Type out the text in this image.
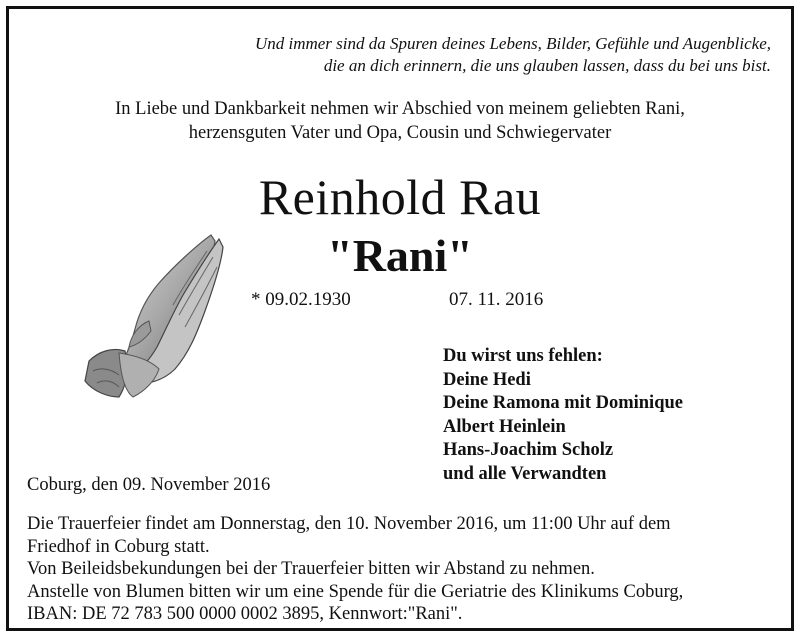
Und immer sind da Spuren deines Lebens, Bilder, Gefühle und Augenblicke,
die an dich erinnern, die uns glauben lassen, dass du bei uns bist.
In Liebe und Dankbarkeit nehmen wir Abschied von meinem geliebten Rani,
herzensguten Vater und Opa, Cousin und Schwiegervater
Reinhold Rau
"Rani"
* 09.02.1930	07. 11. 2016
Du wirst uns fehlen:
Deine Hedi
Deine Ramona mit Dominique
Albert Heinlein
Hans-Joachim Scholz
und alle Verwandten
Coburg, den 09. November 2016
Die Trauerfeier findet am Donnerstag, den 10. November 2016, um 11:00 Uhr auf dem
Friedhof in Coburg statt.
Von Beileidsbekundungen bei der Trauerfeier bitten wir Abstand zu nehmen.
Anstelle von Blumen bitten wir um eine Spende für die Geriatrie des Klinikums Coburg,
IBAN: DE 72 783 500 0000 0002 3895, Kennwort:"Rani".
